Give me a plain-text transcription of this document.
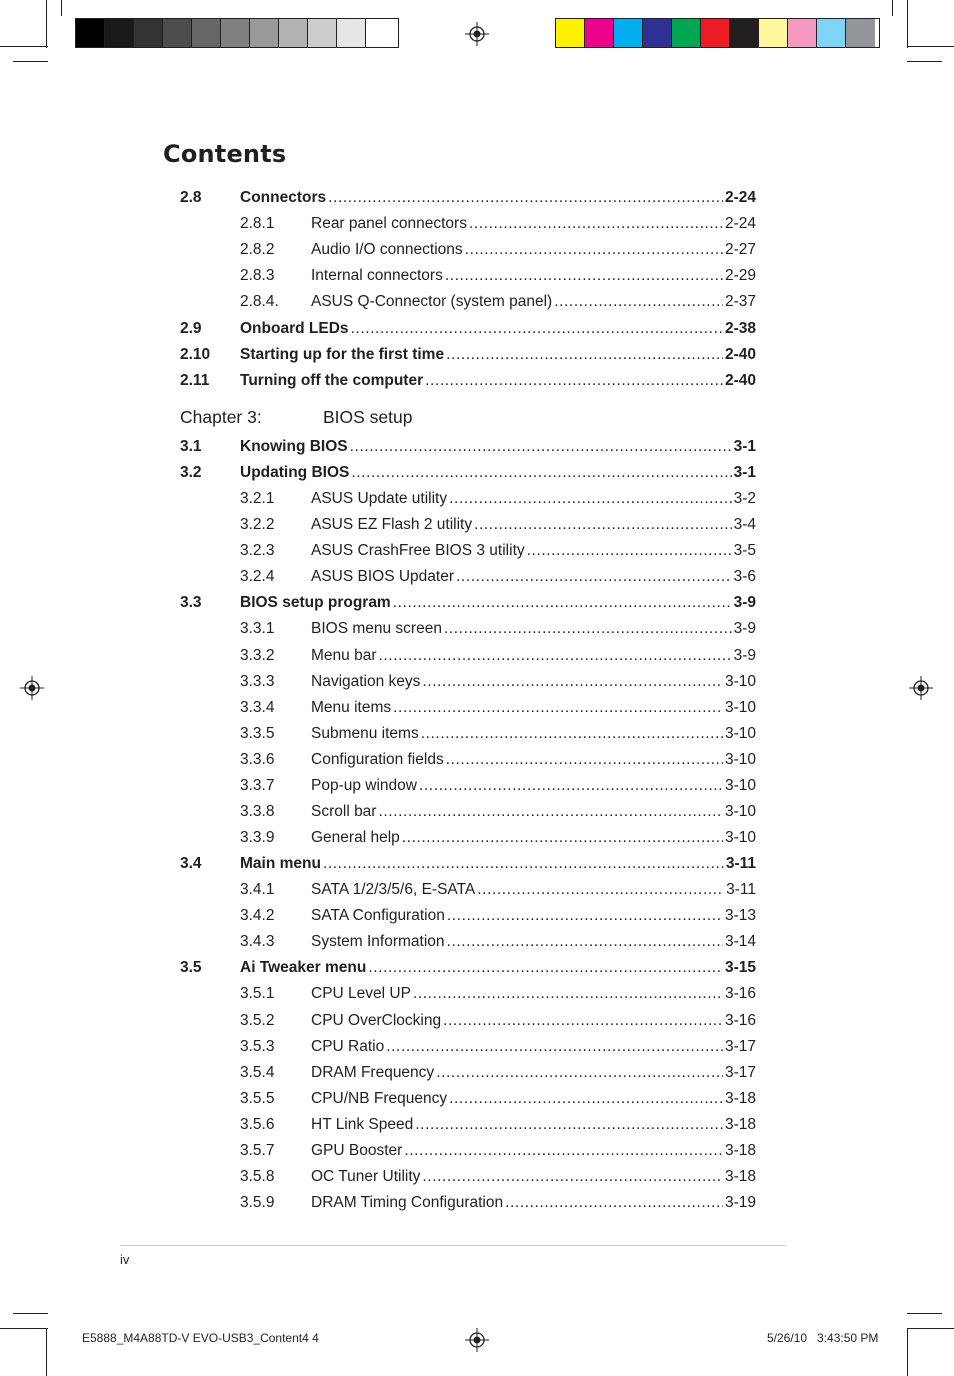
Contents
2.8	Connectors .....	2-24
2.8.1	Rear panel connectors .....	2-24
2.8.2	Audio I/O connections .....	2-27
2.8.3	Internal connectors .....	2-29
2.8.4.	ASUS Q-Connector (system panel) .....	2-37
2.9	Onboard LEDs .....	2-38
2.10	Starting up for the first time .....	2-40
2.11	Turning off the computer .....	2-40
Chapter 3:	BIOS setup
3.1	Knowing BIOS .....	3-1
3.2	Updating BIOS .....	3-1
3.2.1	ASUS Update utility .....	3-2
3.2.2	ASUS EZ Flash 2 utility .....	3-4
3.2.3	ASUS CrashFree BIOS 3 utility .....	3-5
3.2.4	ASUS BIOS Updater .....	3-6
3.3	BIOS setup program .....	3-9
3.3.1	BIOS menu screen .....	3-9
3.3.2	Menu bar .....	3-9
3.3.3	Navigation keys .....	3-10
3.3.4	Menu items .....	3-10
3.3.5	Submenu items .....	3-10
3.3.6	Configuration fields .....	3-10
3.3.7	Pop-up window .....	3-10
3.3.8	Scroll bar .....	3-10
3.3.9	General help .....	3-10
3.4	Main menu .....	3-11
3.4.1	SATA 1/2/3/5/6, E-SATA .....	3-11
3.4.2	SATA Configuration .....	3-13
3.4.3	System Information .....	3-14
3.5	Ai Tweaker menu .....	3-15
3.5.1	CPU Level UP .....	3-16
3.5.2	CPU OverClocking .....	3-16
3.5.3	CPU Ratio .....	3-17
3.5.4	DRAM Frequency .....	3-17
3.5.5	CPU/NB Frequency .....	3-18
3.5.6	HT Link Speed .....	3-18
3.5.7	GPU Booster .....	3-18
3.5.8	OC Tuner Utility .....	3-18
3.5.9	DRAM Timing Configuration .....	3-19
iv
E5888_M4A88TD-V EVO-USB3_Content4 4	5/26/10   3:43:50 PM
